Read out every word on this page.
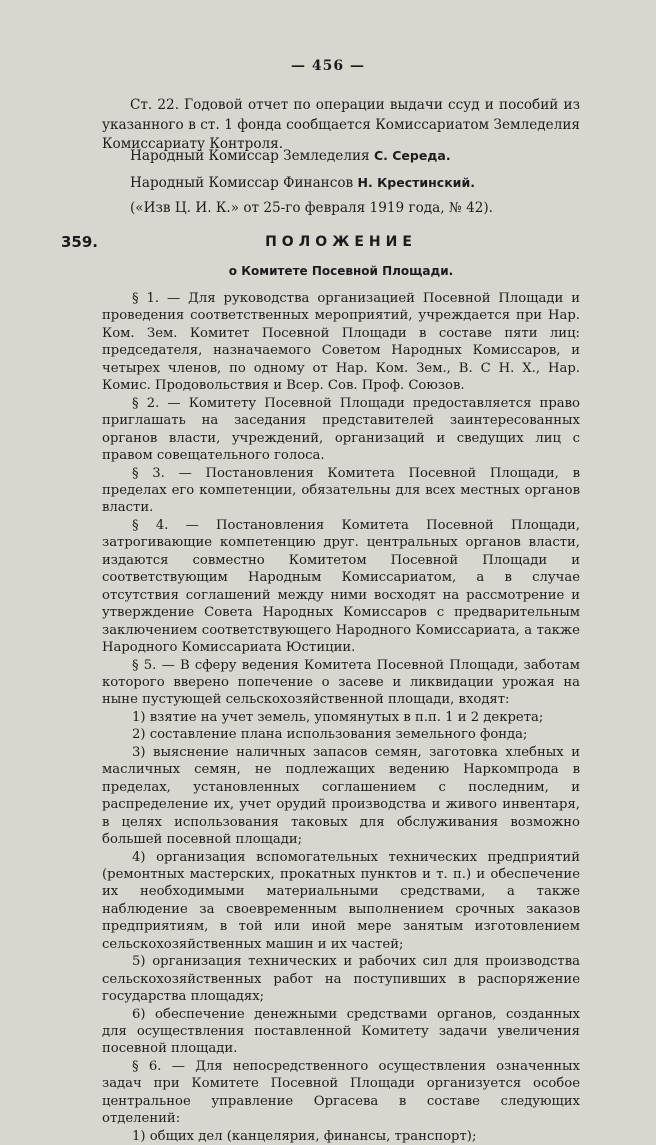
— 456 —
Ст. 22. Годовой отчет по операции выдачи ссуд и пособий из указанного в ст. 1 фонда сообщается Комиссариатом Земледелия Комиссариату Контроля.
Народный Комиссар Земледелия С. Середа.
Народный Комиссар Финансов Н. Крестинский.
(«Изв Ц. И. К.» от 25-го февраля 1919 года, № 42).
359.	ПОЛОЖЕНИЕ
о Комитете Посевной Площади.

§ 1. — Для руководства организацией Посевной Площади и проведения соответственных мероприятий, учреждается при Нар. Ком. Зем. Комитет Посевной Площади в составе пяти лиц: председателя, назначаемого Советом Народных Комиссаров, и четырех членов, по одному от Нар. Ком. Зем., В. С Н. Х., Нар. Комис. Продовольствия и Всер. Сов. Проф. Союзов.

§ 2. — Комитету Посевной Площади предоставляется право приглашать на заседания представителей заинтересованных органов власти, учреждений, организаций и сведущих лиц с правом совещательного голоса.

§ 3. — Постановления Комитета Посевной Площади, в пределах его компетенции, обязательны для всех местных органов власти.

§ 4. — Постановления Комитета Посевной Площади, затрогивающие компетенцию друг. центральных органов власти, издаются совместно Комитетом Посевной Площади и соответствующим Народным Комиссариатом, а в случае отсутствия соглашений между ними восходят на рассмотрение и утверждение Совета Народных Комиссаров с предварительным заключением соответствующего Народного Комиссариата, а также Народного Комиссариата Юстиции.

§ 5. — В сферу ведения Комитета Посевной Площади, заботам которого вверено попечение о засеве и ликвидации урожая на ныне пустующей сельскохозяйственной площади, входят:

1) взятие на учет земель, упомянутых в п.п. 1 и 2 декрета;

2) составление плана использования земельного фонда;

3) выяснение наличных запасов семян, заготовка хлебных и масличных семян, не подлежащих ведению Наркомпрода в пределах, установленных соглашением с последним, и распределение их, учет орудий производства и живого инвентаря, в целях использования таковых для обслуживания возможно большей посевной площади;

4) организация вспомогательных технических предприятий (ремонтных мастерских, прокатных пунктов и т. п.) и обеспечение их необходимыми материальными средствами, а также наблюдение за своевременным выполнением срочных заказов предприятиям, в той или иной мере занятым изготовлением сельскохозяйственных машин и их частей;

5) организация технических и рабочих сил для производства сельскохозяйственных работ на поступивших в распоряжение государства площадях;

6) обеспечение денежными средствами органов, созданных для осуществления поставленной Комитету задачи увеличения посевной площади.

§ 6. — Для непосредственного осуществления означенных задач при Комитете Посевной Площади организуется особое центральное управление Оргасева в составе следующих отделений:

1) общих дел (канцелярия, финансы, транспорт);
